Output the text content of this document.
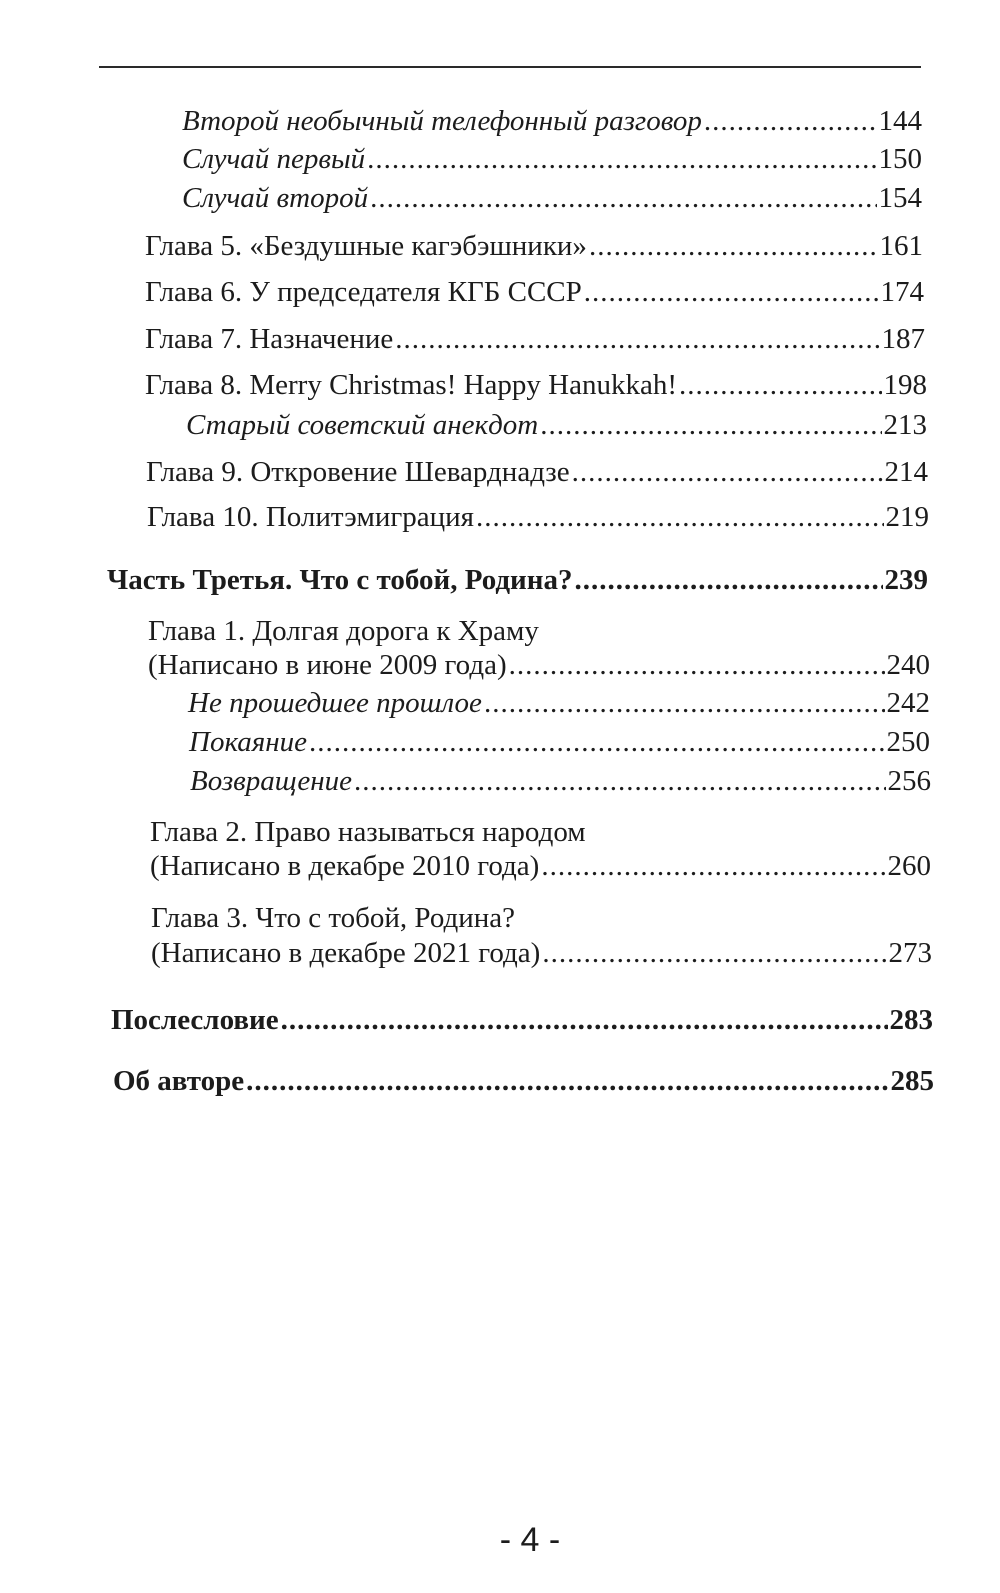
Второй необычный телефонный разговор .....	144
Случай первый .....	150
Случай второй .....	154
Глава 5. «Бездушные кагэбэшники» .....	161
Глава 6. У председателя КГБ СССР .....	174
Глава 7. Назначение .....	187
Глава 8. Merry Christmas! Happy Hanukkah! .....	198
Старый советский анекдот .....	213
Глава 9. Откровение Шеварднадзе .....	214
Глава 10. Политэмиграция .....	219
Часть Третья. Что с тобой, Родина? .....	239
Глава 1. Долгая дорога к Храму
(Написано в июне 2009 года) .....	240
Не прошедшее прошлое .....	242
Покаяние .....	250
Возвращение .....	256
Глава 2. Право называться народом
(Написано в декабре 2010 года) .....	260
Глава 3. Что с тобой, Родина?
(Написано в декабре 2021 года) .....	273
Послесловие .....	283
Об авторе .....	285
- 4 -
